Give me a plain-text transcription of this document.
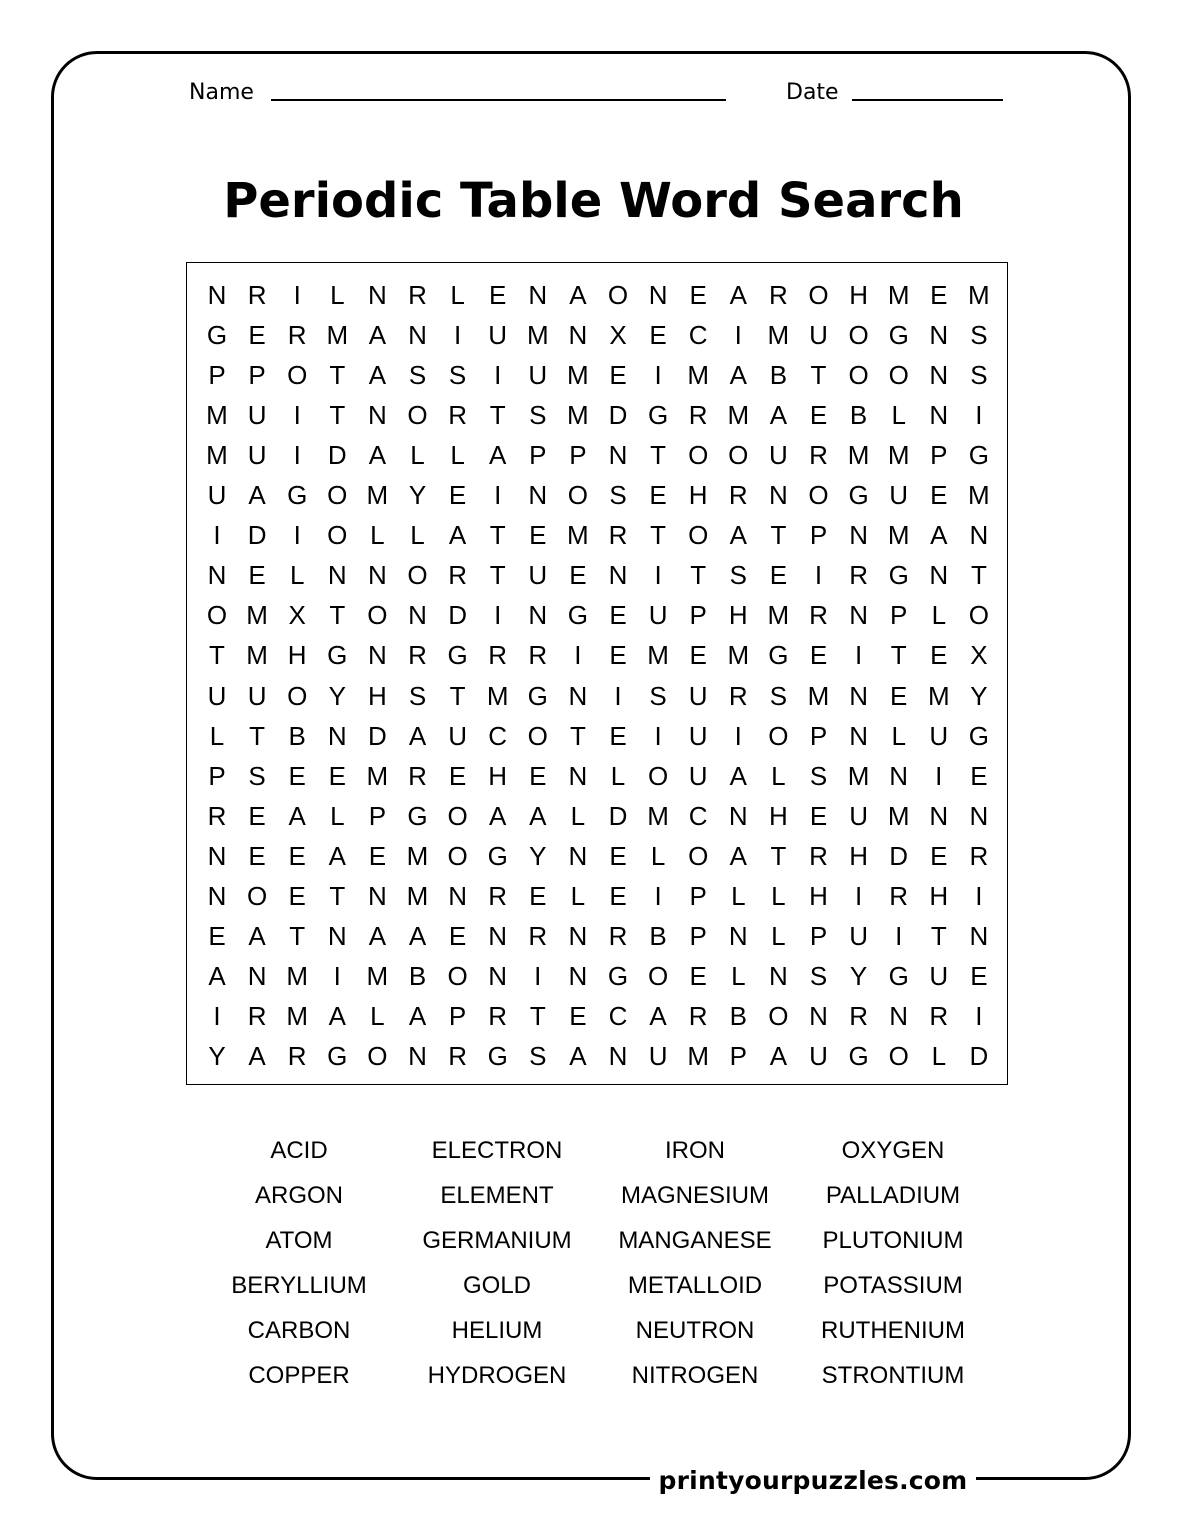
printyourpuzzles.com
Name	Date
Periodic Table Word Search
N R	I	L N R L E N A O N E A R O H M E M
G E R M A N	I	U M N X E C	I M U O G N S
P P O T A S S	I	U M E	I M A B T O O N S
M U	I	T N O R T S M D G R M A E B L N	I
M U	I	D A L L A P P N T O O U R M M P G
U A G O M Y E	I	N O S E H R N O G U E M
I	D	I	O L L A T E M R T O A T P N M A N
N E L N N O R T U E N	I	T S E	I	R G N T
O M X T O N D	I	N G E U P H M R N P L O
T M H G N R G R R	I	E M E M G E	I	T E X
U U O Y H S T M G N	I	S U R S M N E M Y
L T B N D A U C O T E	I	U	I	O P N L U G
P S E E M R E H E N L O U A L S M N	I	E
R E A L P G O A A L D M C N H E U M N N
N E E A E M O G Y N E L O A T R H D E R
N O E T N M N R E L E	I	P L L H	I	R H	I
E A T N A A E N R N R B P N L P U	I	T N
A N M I M B O N	I	N G O E L N S Y G U E
I	R M A L A P R T E C A R B O N R N R	I
Y A R G O N R G S A N U M P A U G O L D
ACID	ELECTRON	IRON	OXYGEN
ARGON	ELEMENT	MAGNESIUM	PALLADIUM
ATOM	GERMANIUM	MANGANESE	PLUTONIUM
BERYLLIUM	GOLD	METALLOID	POTASSIUM
CARBON	HELIUM	NEUTRON	RUTHENIUM
COPPER	HYDROGEN	NITROGEN	STRONTIUM
